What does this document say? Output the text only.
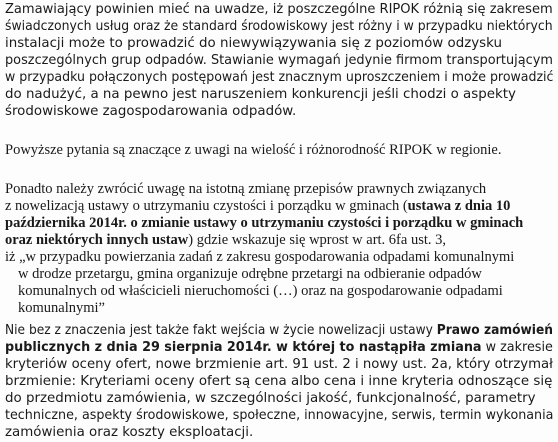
Zamawiający powinien mieć na uwadze, iż poszczególne RIPOK różnią się zakresem
świadczonych usług oraz że standard środowiskowy jest różny i w przypadku niektórych
instalacji może to prowadzić do niewywiązywania się z poziomów odzysku
poszczególnych grup odpadów. Stawianie wymagań jedynie firmom transportującym
w przypadku połączonych postępowań jest znacznym uproszczeniem i może prowadzić
do nadużyć, a na pewno jest naruszeniem konkurencji jeśli chodzi o aspekty
środowiskowe zagospodarowania odpadów.
Powyższe pytania są znaczące z uwagi na wielość i różnorodność RIPOK w regionie.
Ponadto należy zwrócić uwagę na istotną zmianę przepisów prawnych związanych
z nowelizacją ustawy o utrzymaniu czystości i porządku w gminach (ustawa z dnia 10
października 2014r. o zmianie ustawy o utrzymaniu czystości i porządku w gminach
oraz niektórych innych ustaw) gdzie wskazuje się wprost w art. 6fa ust. 3,
iż „w przypadku powierzania zadań z zakresu gospodarowania odpadami komunalnymi
w drodze przetargu, gmina organizuje odrębne przetargi na odbieranie odpadów
komunalnych od właścicieli nieruchomości (…) oraz na gospodarowanie odpadami
komunalnymi”
Nie bez z znaczenia jest także fakt wejścia w życie nowelizacji ustawy Prawo zamówień
publicznych z dnia 29 sierpnia 2014r. w której to nastąpiła zmiana w zakresie
kryteriów oceny ofert, nowe brzmienie art. 91 ust. 2 i nowy ust. 2a, który otrzymał
brzmienie: Kryteriami oceny ofert są cena albo cena i inne kryteria odnoszące się
do przedmiotu zamówienia, w szczególności jakość, funkcjonalność, parametry
techniczne, aspekty środowiskowe, społeczne, innowacyjne, serwis, termin wykonania
zamówienia oraz koszty eksploatacji.
